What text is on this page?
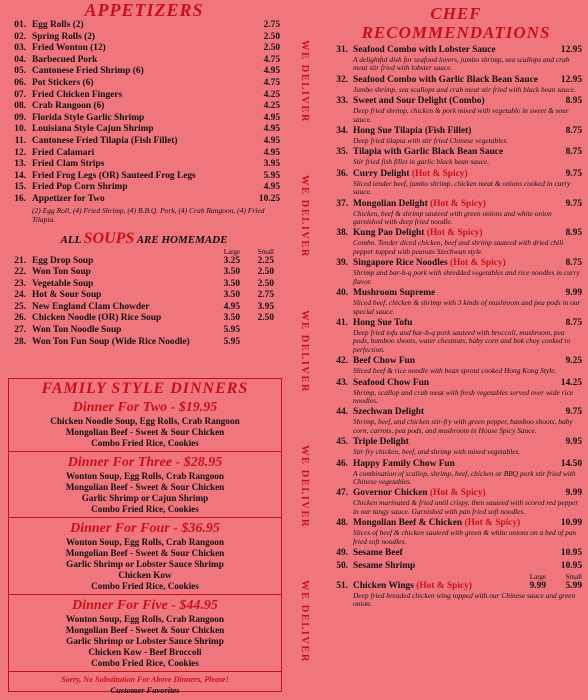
APPETIZERS
01. Egg Rolls (2)	2.75
02. Spring Rolls (2)	2.50
03. Fried Wonton (12)	2.50
04. Barbecued Pork	4.75
05. Cantonese Fried Shrimp (6)	4.95
06. Pot Stickers (6)	4.75
07. Fried Chicken Fingers	4.25
08. Crab Rangoon (6)	4.25
09. Florida Style Garlic Shrimp	4.95
10. Louisiana Style Cajun Shrimp	4.95
11. Cantonese Fried Tilapia (Fish Fillet)	4.95
12. Fried Calamari	4.95
13. Fried Clam Strips	3.95
14. Fried Frog Legs (OR) Sauteed Frog Legs	5.95
15. Fried Pop Corn Shrimp	4.95
16. Appetizer for Two	10.25
(2) Egg Roll, (4) Fried Shrimp, (4) B.B.Q. Pork, (4) Crab Rangoon, (4) Fried Tilapia.
ALL SOUPS ARE HOMEMADE
Large	Small
21. Egg Drop Soup	3.25	2.25
22. Won Ton Soup	3.50	2.50
23. Vegetable Soup	3.50	2.50
24. Hot & Sour Soup	3.50	2.75
25. New England Clam Chowder	4.95	3.95
26. Chicken Noodle (OR) Rice Soup	3.50	2.50
27. Won Ton Noodle Soup	5.95
28. Won Ton Fun Soup (Wide Rice Noodle)	5.95
FAMILY STYLE DINNERS
Dinner For Two - $19.95
Chicken Noodle Soup, Egg Rolls, Crab Rangoon
Mongolian Beef - Sweet & Sour Chicken
Combo Fried Rice, Cookies
Dinner For Three - $28.95
Wonton Soup, Egg Rolls, Crab Rangoon
Mongolian Beef - Sweet & Sour Chicken
Garlic Shrimp or Cajun Shrimp
Combo Fried Rice, Cookies
Dinner For Four - $36.95
Wonton Soup, Egg Rolls, Crab Rangoon
Mongolian Beef - Sweet & Sour Chicken
Garlic Shrimp or Lobster Sauce Shrimp
Chicken Kow
Combo Fried Rice, Cookies
Dinner For Five - $44.95
Wonton Soup, Egg Rolls, Crab Rangoon
Mongolian Beef - Sweet & Sour Chicken
Garlic Shrimp or Lobster Sauce Shrimp
Chicken Kow - Beef Broccoli
Combo Fried Rice, Cookies
Sorry, No Substitution For Above Dinners, Please!
Customer Favorites
WE DELIVER
WE DELIVER
WE DELIVER
WE DELIVER
WE DELIVER
CHEF
RECOMMENDATIONS
31. Seafood Combo with Lobster Sauce	12.95
A delightful dish for seafood lovers, jumbo shrimp, sea scallops and crab meat stir fried with lobster sauce.
32. Seafood Combo with Garlic Black Bean Sauce	12.95
Jumbo shrimp, sea scallops and crab meat stir fried with black bean sauce.
33. Sweet and Sour Delight (Combo)	8.95
Deep fried shrimp, chicken & pork mixed with vegetable in sweet & sour sauce.
34. Hong Sue Tilapia (Fish Fillet)	8.75
Deep fried tilapia with stir fried Chinese vegetables.
35. Tilapia with Garlic Black Bean Sauce	8.75
Stir fried fish fillet in garlic black bean sauce.
36. Curry Delight (Hot & Spicy)	9.75
Sliced tender beef, jumbo shrimp, chicken meat & onions cooked in curry sauce.
37. Mongolian Delight (Hot & Spicy)	9.75
Chicken, beef & shrimp sauteed with green onions and white onion garnished with deep fried noodle.
38. Kung Pao Delight (Hot & Spicy)	8.95
Combo. Tender diced chicken, beef and shrimp sauteed with dried chili pepper topped with peanuts Szechwan style.
39. Singapore Rice Noodles (Hot & Spicy)	8.75
Shrimp and bar-b-q pork with shredded vegetables and rice noodles in curry flavor.
40. Mushroom Supreme	9.99
Sliced beef, chicken & shrimp with 3 kinds of mushroom and pea pods in our special sauce.
41. Hong Sue Tofu	8.75
Deep fried tofu and bar-b-q pork sauteed with broccoli, mushroom, pea pods, bamboo shoots, water chestnuts, baby corn and bok choy cooked to perfection.
42. Beef Chow Fun	9.25
Sliced beef & rice noodle with bean sprout cooked Hong Kong Style.
43. Seafood Chow Fun	14.25
Shrimp, scallop and crab meat with fresh vegetables served over wide rice noodles.
44. Szechwan Delight	9.75
Shrimp, beef, and chicken stir-fry with green pepper, bamboo shoots, baby corn, carrots, pea pods, and mushroom in House Spicy Sauce.
45. Triple Delight	9.95
Stir fry chicken, beef, and shrimp with mixed vegetables.
46. Happy Family Chow Fun	14.50
A combination of scallop, shrimp, beef, chicken or BBQ pork stir fried with Chinese vegetables.
47. Governor Chicken (Hot & Spicy)	9.99
Chicken marinated & fried until crispy, then sauteed with scored red pepper in our tangy sauce. Garnished with pan fried soft noodles.
48. Mongolian Beef & Chicken (Hot & Spicy)	10.99
Slices of beef & chicken sauteed with green & white onions on a bed of pan fried soft noodles.
49. Sesame Beef	10.95
50. Sesame Shrimp	10.95
Large	Small
51. Chicken Wings (Hot & Spicy)	9.99	5.99
Deep fried breaded chicken wing topped with our Chinese sauce and green onion.
